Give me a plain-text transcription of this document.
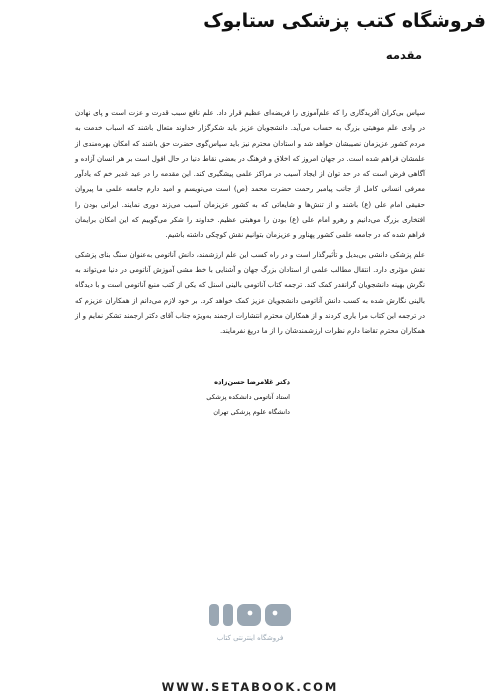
فروشگاه کتب پزشکی ستابوک
مقدمه

سپاس بی‌کران آفریدگاری را که علم‌آموزی را فریضه‌ای عظیم قرار داد. علم نافع سبب قدرت و عزت است و پای نهادن در وادی علم موهبتی بزرگ به حساب می‌آید. دانشجویان عزیز باید شکرگزار خداوند متعال باشند که اسباب خدمت به مردم کشور عزیزمان نصیبشان خواهد شد و استادان محترم نیز باید سپاس‌گوی حضرت حق باشند که امکان بهره‌مندی از علمشان فراهم شده است. در جهان امروز که اخلاق و فرهنگ در بعضی نقاط دنیا در حال افول است بر هر انسان آزاده و آگاهی فرض است که در حد توان از ایجاد آسیب در مراکز علمی پیشگیری کند. این مقدمه را در عید غدیر خم که یادآور معرفی انسانی کامل از جانب پیامبر رحمت حضرت محمد (ص) است می‌نویسم و امید دارم جامعه علمی ما پیروان حقیقی امام علی (ع) باشند و از تنش‌ها و شایعاتی که به کشور عزیزمان آسیب می‌زند دوری نمایند. ایرانی بودن را افتخاری بزرگ می‌دانیم و رهرو امام علی (ع) بودن را موهبتی عظیم. خداوند را شکر می‌گوییم که این امکان برایمان فراهم شده که در جامعه علمی کشور پهناور و عزیزمان بتوانیم نقش کوچکی داشته باشیم.

علم پزشکی دانشی بی‌بدیل و تأثیرگذار است و در راه کسب این علم ارزشمند، دانش آناتومی به‌عنوان سنگ بنای پزشکی نقش مؤثری دارد. انتقال مطالب علمی از استادان بزرگ جهان و آشنایی با خط مشی آموزش آناتومی در دنیا می‌تواند به نگرش بهینه دانشجویان گرانقدر کمک کند. ترجمه کتاب آناتومی بالینی اسنل که یکی از کتب منبع آناتومی است و با دیدگاه بالینی نگارش شده به کسب دانش آناتومی دانشجویان عزیز کمک خواهد کرد. بر خود لازم می‌دانم از همکاران عزیزم که در ترجمه این کتاب مرا یاری کردند و از همکاران محترم انتشارات ارجمند به‌ویژه جناب آقای دکتر ارجمند تشکر نمایم و از همکاران محترم تقاضا دارم نظرات ارزشمندشان را از ما دریغ نفرمایند.

دکتر غلامرضا حسن‌زاده
استاد آناتومی دانشکده پزشکی
دانشگاه علوم پزشکی تهران
فروشگاه اینترنتی کتاب
WWW.SETABOOK.COM
